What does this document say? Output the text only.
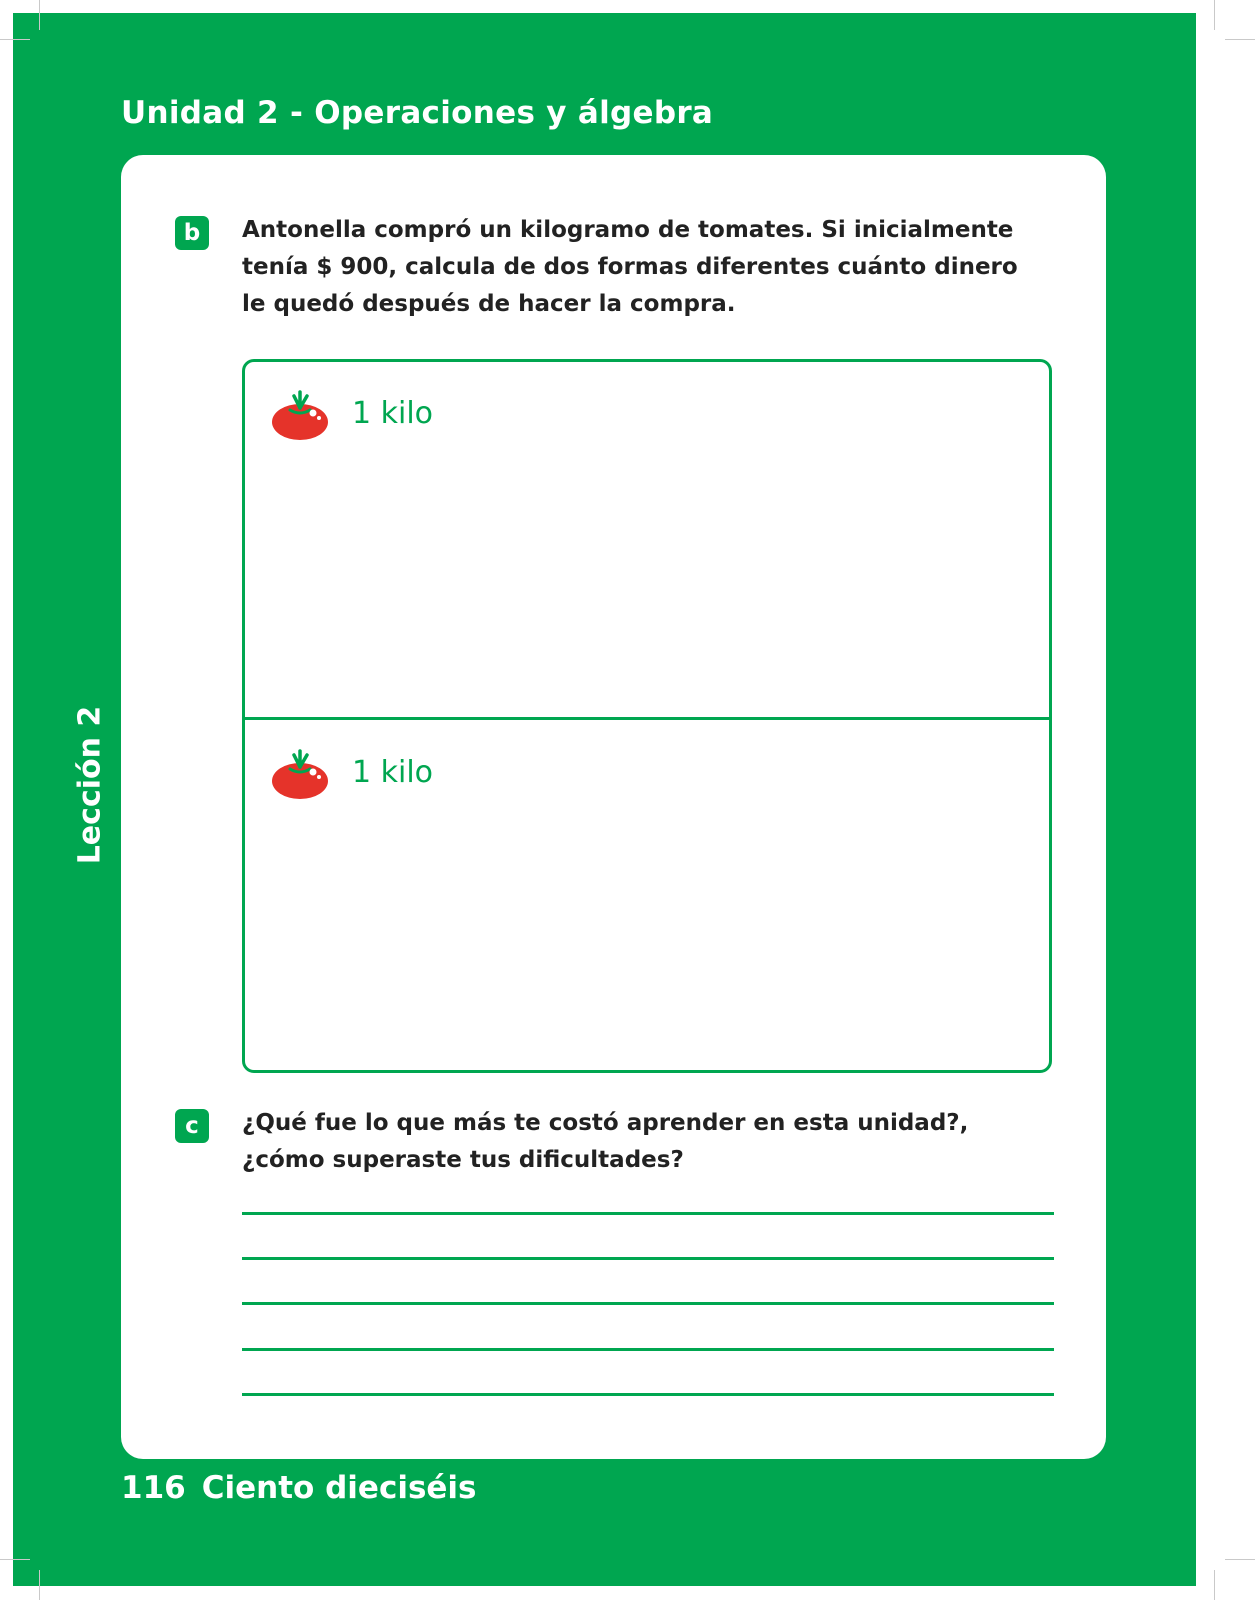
Unidad 2 - Operaciones y álgebra
Lección 2
b	Antonella compró un kilogramo de tomates. Si inicialmente
tenía $ 900, calcula de dos formas diferentes cuánto dinero
le quedó después de hacer la compra.
1 kilo
1 kilo
c	¿Qué fue lo que más te costó aprender en esta unidad?,
¿cómo superaste tus dificultades?
116 Ciento dieciséis
